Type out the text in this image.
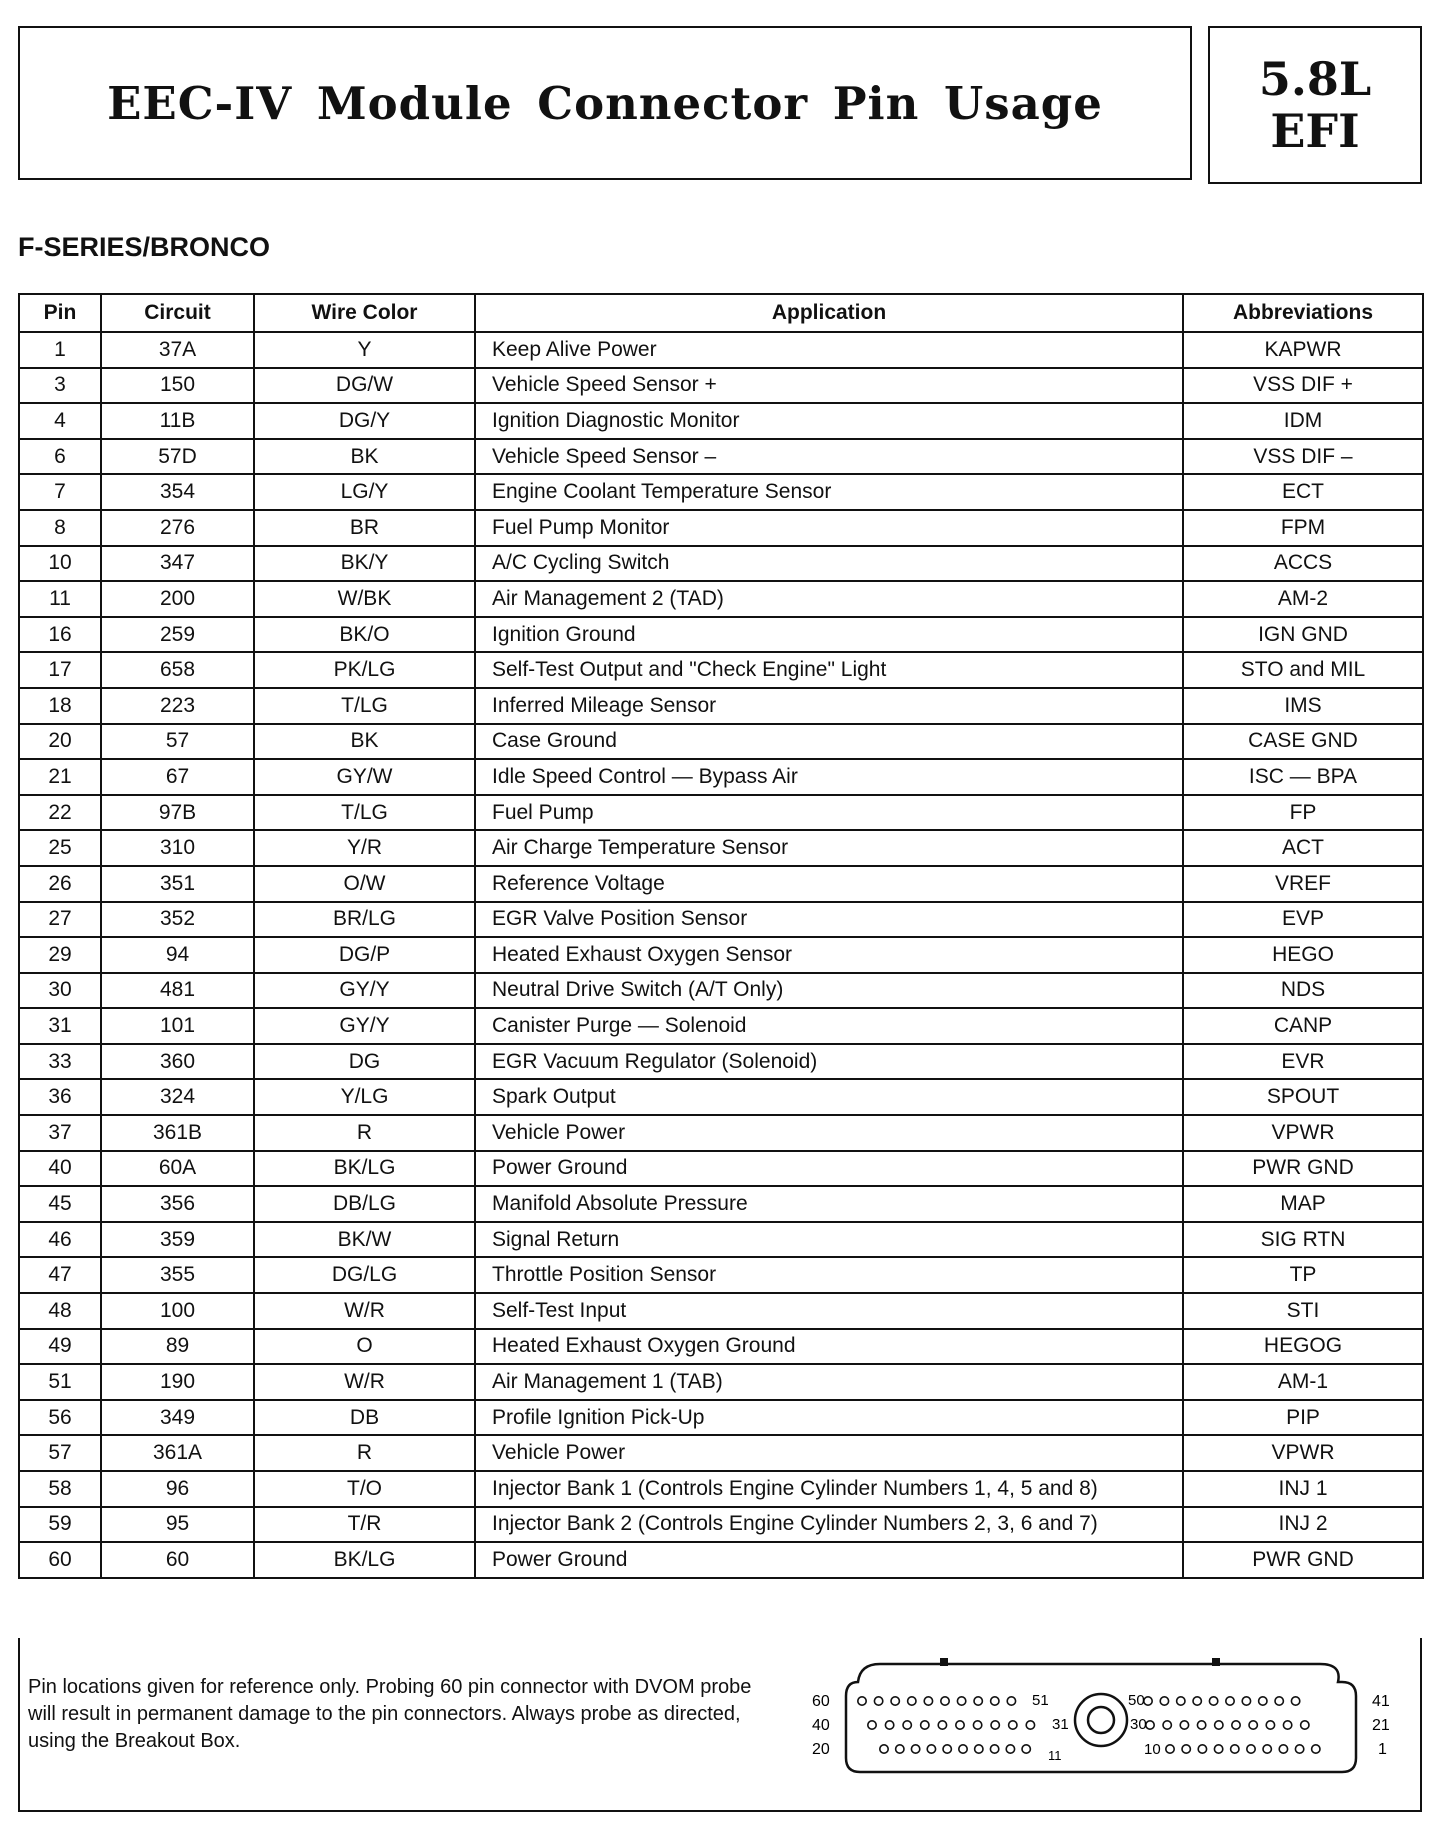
EEC-IV Module Connector Pin Usage	5.8L
EFI
F-SERIES/BRONCO
Pin	Circuit	Wire Color	Application	Abbreviations
1	37A	Y	Keep Alive Power	KAPWR
3	150	DG/W	Vehicle Speed Sensor +	VSS DIF +
4	11B	DG/Y	Ignition Diagnostic Monitor	IDM
6	57D	BK	Vehicle Speed Sensor –	VSS DIF –
7	354	LG/Y	Engine Coolant Temperature Sensor	ECT
8	276	BR	Fuel Pump Monitor	FPM
10	347	BK/Y	A/C Cycling Switch	ACCS
11	200	W/BK	Air Management 2 (TAD)	AM-2
16	259	BK/O	Ignition Ground	IGN GND
17	658	PK/LG	Self-Test Output and "Check Engine" Light	STO and MIL
18	223	T/LG	Inferred Mileage Sensor	IMS
20	57	BK	Case Ground	CASE GND
21	67	GY/W	Idle Speed Control — Bypass Air	ISC — BPA
22	97B	T/LG	Fuel Pump	FP
25	310	Y/R	Air Charge Temperature Sensor	ACT
26	351	O/W	Reference Voltage	VREF
27	352	BR/LG	EGR Valve Position Sensor	EVP
29	94	DG/P	Heated Exhaust Oxygen Sensor	HEGO
30	481	GY/Y	Neutral Drive Switch (A/T Only)	NDS
31	101	GY/Y	Canister Purge — Solenoid	CANP
33	360	DG	EGR Vacuum Regulator (Solenoid)	EVR
36	324	Y/LG	Spark Output	SPOUT
37	361B	R	Vehicle Power	VPWR
40	60A	BK/LG	Power Ground	PWR GND
45	356	DB/LG	Manifold Absolute Pressure	MAP
46	359	BK/W	Signal Return	SIG RTN
47	355	DG/LG	Throttle Position Sensor	TP
48	100	W/R	Self-Test Input	STI
49	89	O	Heated Exhaust Oxygen Ground	HEGOG
51	190	W/R	Air Management 1 (TAB)	AM-1
56	349	DB	Profile Ignition Pick-Up	PIP
57	361A	R	Vehicle Power	VPWR
58	96	T/O	Injector Bank 1 (Controls Engine Cylinder Numbers 1, 4, 5 and 8)	INJ 1
59	95	T/R	Injector Bank 2 (Controls Engine Cylinder Numbers 2, 3, 6 and 7)	INJ 2
60	60	BK/LG	Power Ground	PWR GND
Pin locations given for reference only. Probing 60 pin connector with DVOM probe will result in permanent damage to the pin connectors. Always probe as directed, using the Breakout Box.
60
40
20
41
21
1
51
31
11
50
30
10
